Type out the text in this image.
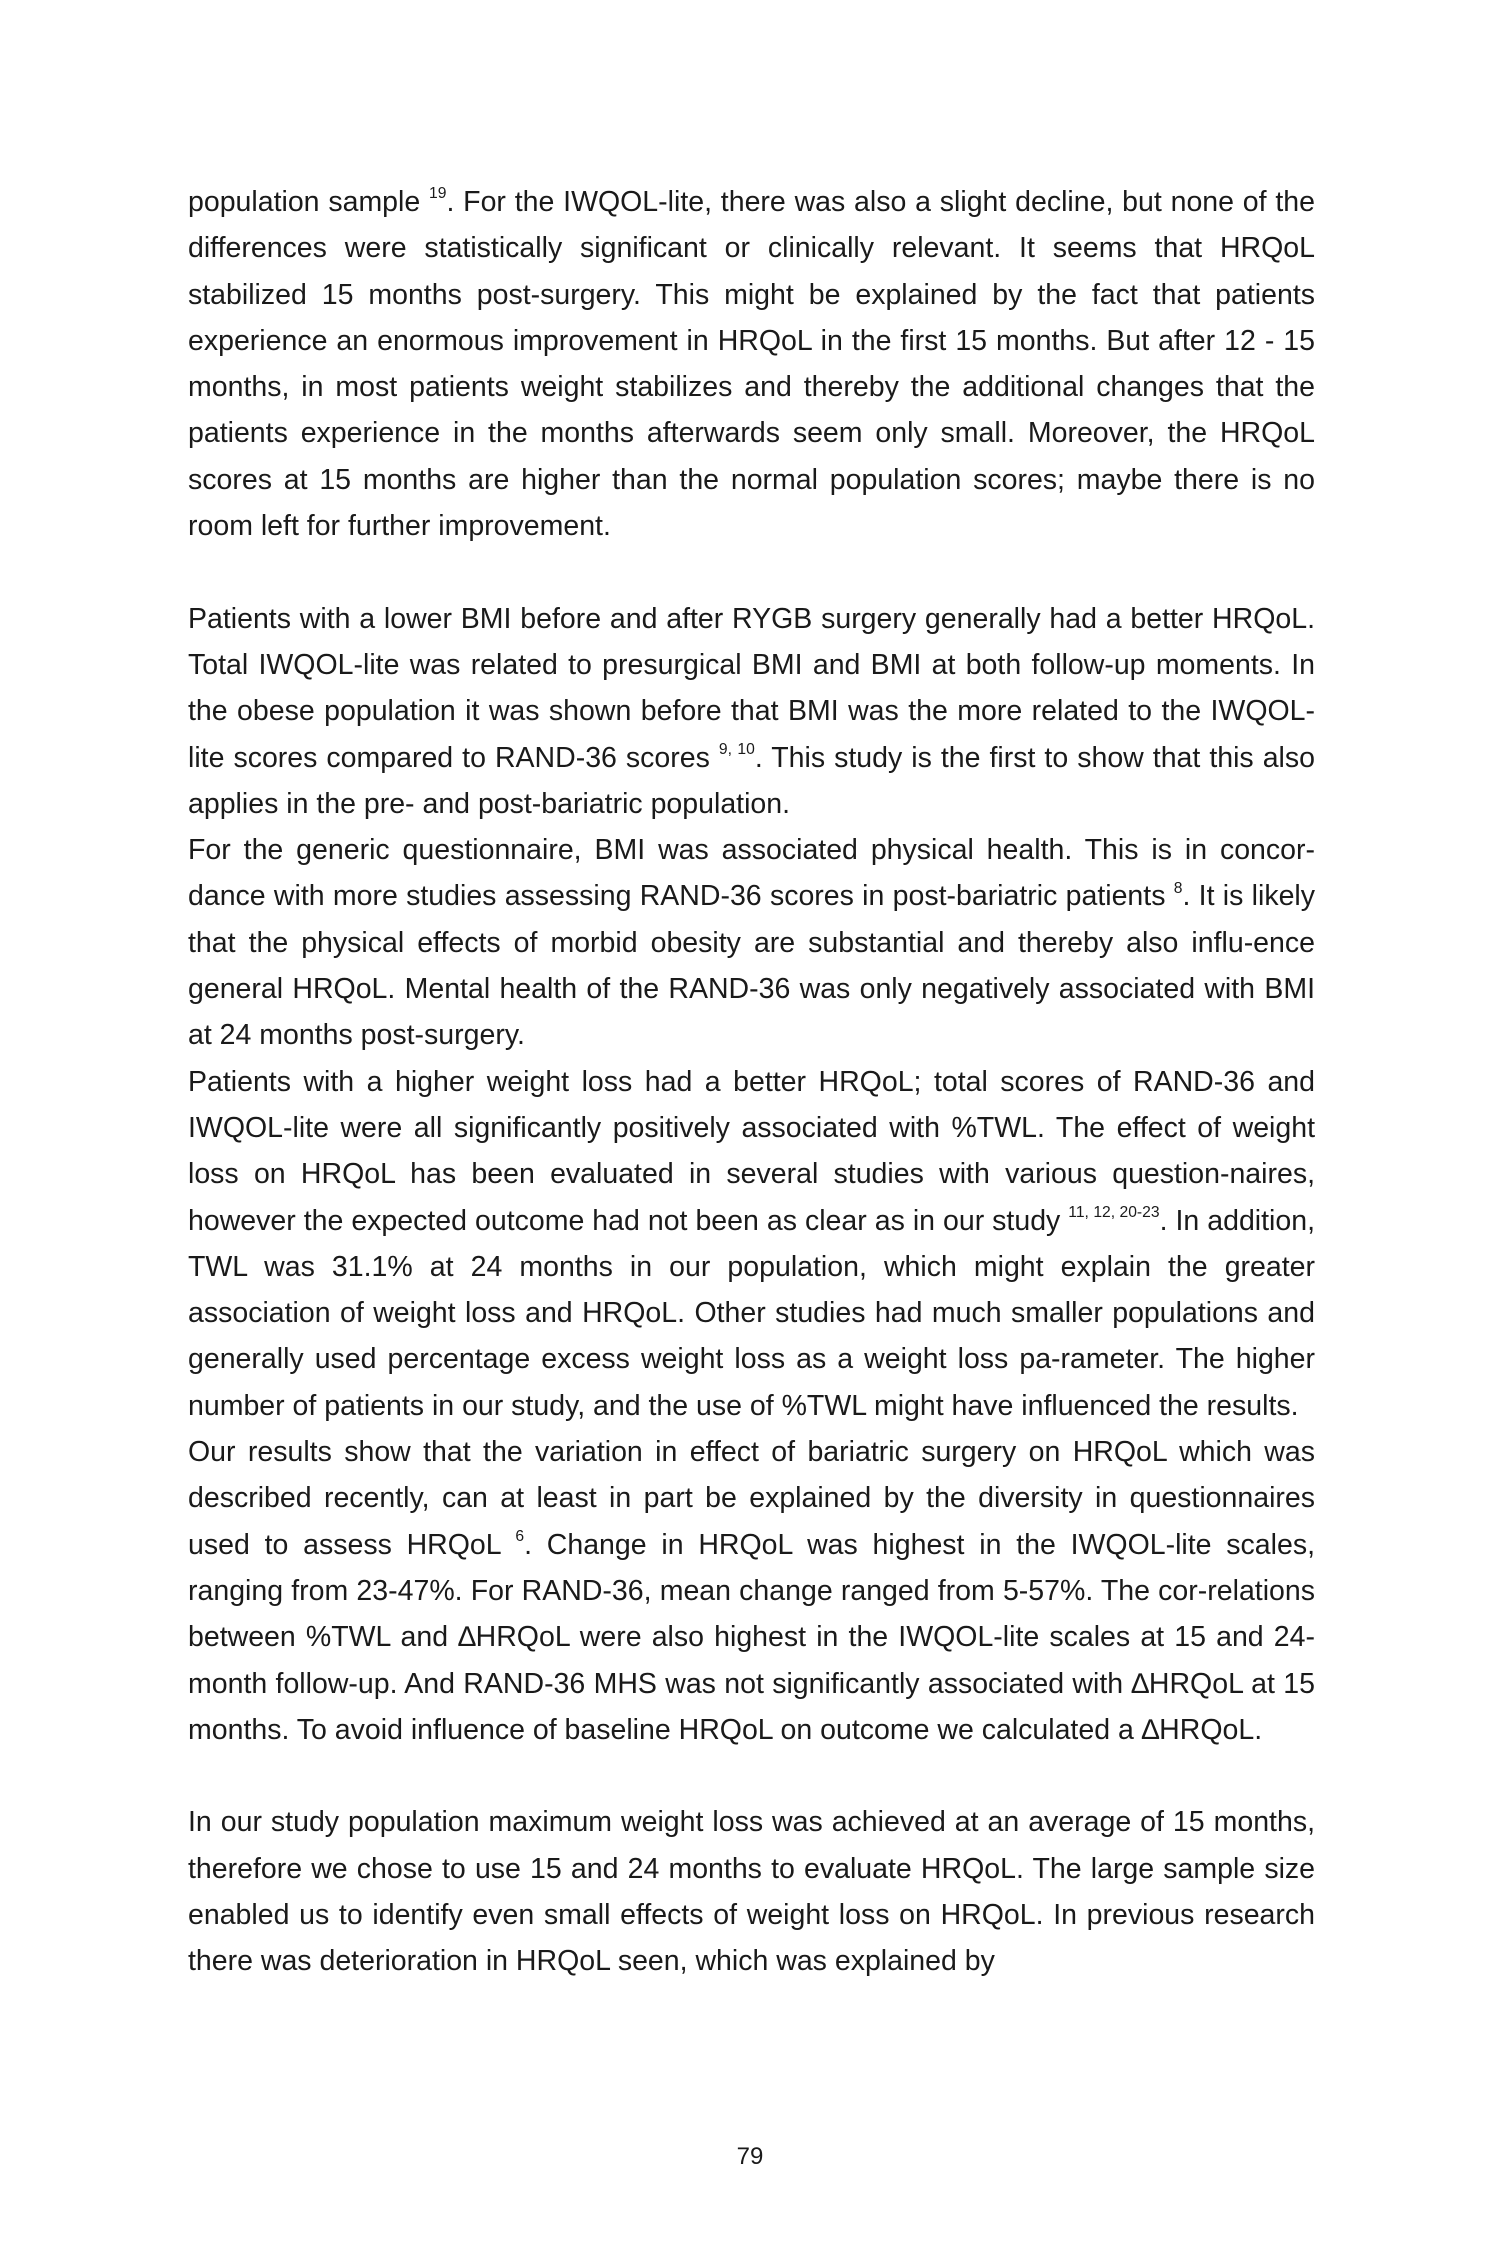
population sample $^{19}$. For the IWQOL-lite, there was also a slight decline, but none of the differences were statistically significant or clinically relevant. It seems that HRQoL stabilized 15 months post-surgery. This might be explained by the fact that patients experience an enormous improvement in HRQoL in the first 15 months. But after 12 - 15 months, in most patients weight stabilizes and thereby the additional changes that the patients experience in the months afterwards seem only small. Moreover, the HRQoL scores at 15 months are higher than the normal population scores; maybe there is no room left for further improvement.

Patients with a lower BMI before and after RYGB surgery generally had a better HRQoL. Total IWQOL-lite was related to presurgical BMI and BMI at both follow-up moments. In the obese population it was shown before that BMI was the more related to the IWQOL-lite scores compared to RAND-36 scores $^{9, 10}$. This study is the first to show that this also applies in the pre- and post-bariatric population.

For the generic questionnaire, BMI was associated physical health. This is in concor-dance with more studies assessing RAND-36 scores in post-bariatric patients $^8$. It is likely that the physical effects of morbid obesity are substantial and thereby also influ-ence general HRQoL. Mental health of the RAND-36 was only negatively associated with BMI at 24 months post-surgery.

Patients with a higher weight loss had a better HRQoL; total scores of RAND-36 and IWQOL-lite were all significantly positively associated with %TWL. The effect of weight loss on HRQoL has been evaluated in several studies with various question-naires, however the expected outcome had not been as clear as in our study $^{11, 12, 20-23}$. In addition, TWL was 31.1% at 24 months in our population, which might explain the greater association of weight loss and HRQoL. Other studies had much smaller populations and generally used percentage excess weight loss as a weight loss pa-rameter. The higher number of patients in our study, and the use of %TWL might have influenced the results.

Our results show that the variation in effect of bariatric surgery on HRQoL which was described recently, can at least in part be explained by the diversity in questionnaires used to assess HRQoL $^6$. Change in HRQoL was highest in the IWQOL-lite scales, ranging from 23-47%. For RAND-36, mean change ranged from 5-57%. The cor-relations between %TWL and ∆HRQoL were also highest in the IWQOL-lite scales at 15 and 24-month follow-up. And RAND-36 MHS was not significantly associated with ∆HRQoL at 15 months. To avoid influence of baseline HRQoL on outcome we calculated a ∆HRQoL.

In our study population maximum weight loss was achieved at an average of 15 months, therefore we chose to use 15 and 24 months to evaluate HRQoL. The large sample size enabled us to identify even small effects of weight loss on HRQoL. In previous research there was deterioration in HRQoL seen, which was explained by

79
